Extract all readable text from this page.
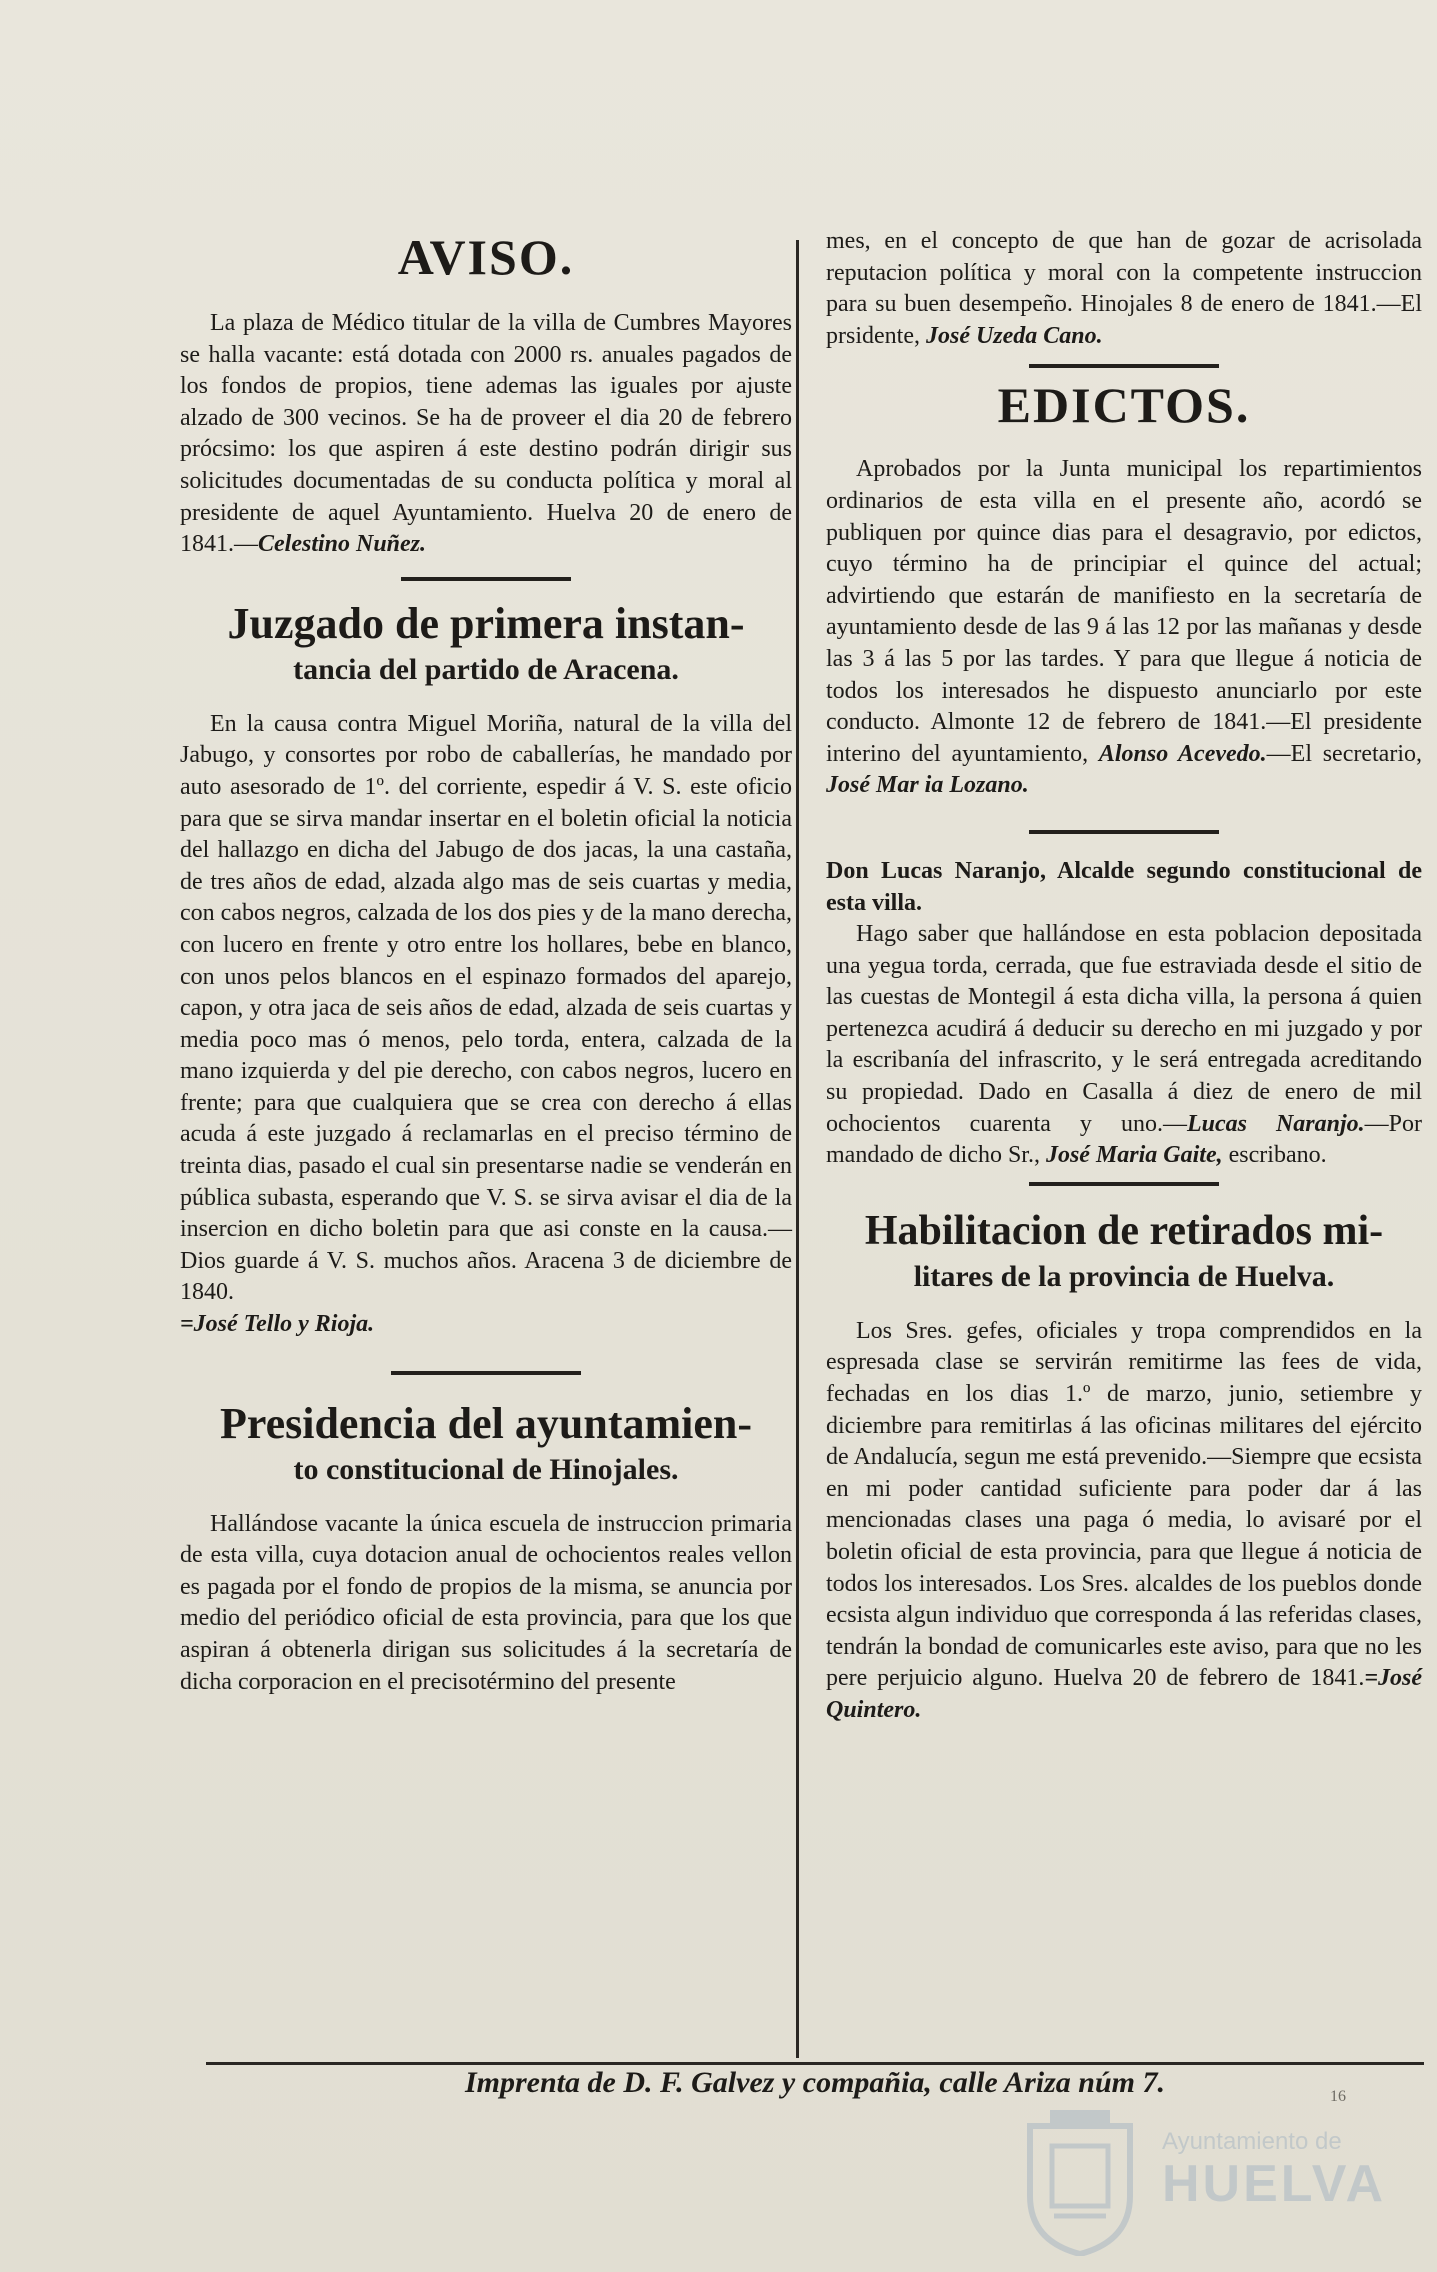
AVISO.

La plaza de Médico titular de la villa de Cumbres Mayores se halla vacante: está dotada con 2000 rs. anuales pagados de los fondos de propios, tiene ademas las iguales por ajuste alzado de 300 vecinos. Se ha de proveer el dia 20 de febrero prócsimo: los que aspiren á este destino podrán dirigir sus solicitudes documentadas de su conducta política y moral al presidente de aquel Ayuntamiento. Huelva 20 de enero de 1841.—Celestino Nuñez.

Juzgado de primera instan-
tancia del partido de Aracena.

En la causa contra Miguel Moriña, natural de la villa del Jabugo, y consortes por robo de caballerías, he mandado por auto asesorado de 1º. del corriente, espedir á V. S. este oficio para que se sirva mandar insertar en el boletin oficial la noticia del hallazgo en dicha del Jabugo de dos jacas, la una castaña, de tres años de edad, alzada algo mas de seis cuartas y media, con cabos negros, calzada de los dos pies y de la mano derecha, con lucero en frente y otro entre los hollares, bebe en blanco, con unos pelos blancos en el espinazo formados del aparejo, capon, y otra jaca de seis años de edad, alzada de seis cuartas y media poco mas ó menos, pelo torda, entera, calzada de la mano izquierda y del pie derecho, con cabos negros, lucero en frente; para que cualquiera que se crea con derecho á ellas acuda á este juzgado á reclamarlas en el preciso término de treinta dias, pasado el cual sin presentarse nadie se venderán en pública subasta, esperando que V. S. se sirva avisar el dia de la insercion en dicho boletin para que asi conste en la causa.—Dios guarde á V. S. muchos años. Aracena 3 de diciembre de 1840.
=José Tello y Rioja.

Presidencia del ayuntamien-
to constitucional de Hinojales.

Hallándose vacante la única escuela de instruccion primaria de esta villa, cuya dotacion anual de ochocientos reales vellon es pagada por el fondo de propios de la misma, se anuncia por medio del periódico oficial de esta provincia, para que los que aspiran á obtenerla dirigan sus solicitudes á la secretaría de dicha corporacion en el precisotérmino del presente

mes, en el concepto de que han de gozar de acrisolada reputacion política y moral con la competente instruccion para su buen desempeño. Hinojales 8 de enero de 1841.—El prsidente, José Uzeda Cano.

EDICTOS.

Aprobados por la Junta municipal los repartimientos ordinarios de esta villa en el presente año, acordó se publiquen por quince dias para el desagravio, por edictos, cuyo término ha de principiar el quince del actual; advirtiendo que estarán de manifiesto en la secretaría de ayuntamiento desde de las 9 á las 12 por las mañanas y desde las 3 á las 5 por las tardes. Y para que llegue á noticia de todos los interesados he dispuesto anunciarlo por este conducto. Almonte 12 de febrero de 1841.—El presidente interino del ayuntamiento, Alonso Acevedo.—El secretario, José Mar ia Lozano.

Don Lucas Naranjo, Alcalde segundo constitucional de esta villa.

Hago saber que hallándose en esta poblacion depositada una yegua torda, cerrada, que fue estraviada desde el sitio de las cuestas de Montegil á esta dicha villa, la persona á quien pertenezca acudirá á deducir su derecho en mi juzgado y por la escribanía del infrascrito, y le será entregada acreditando su propiedad. Dado en Casalla á diez de enero de mil ochocientos cuarenta y uno.—Lucas Naranjo.—Por mandado de dicho Sr., José Maria Gaite, escribano.

Habilitacion de retirados mi-
litares de la provincia de Huelva.

Los Sres. gefes, oficiales y tropa comprendidos en la espresada clase se servirán remitirme las fees de vida, fechadas en los dias 1.º de marzo, junio, setiembre y diciembre para remitirlas á las oficinas militares del ejército de Andalucía, segun me está prevenido.—Siempre que ecsista en mi poder cantidad suficiente para poder dar á las mencionadas clases una paga ó media, lo avisaré por el boletin oficial de esta provincia, para que llegue á noticia de todos los interesados. Los Sres. alcaldes de los pueblos donde ecsista algun individuo que corresponda á las referidas clases, tendrán la bondad de comunicarles este aviso, para que no les pere perjuicio alguno. Huelva 20 de febrero de 1841.=José Quintero.

Imprenta de D. F. Galvez y compañia, calle Ariza núm 7.	16
Ayuntamiento de
HUELVA
